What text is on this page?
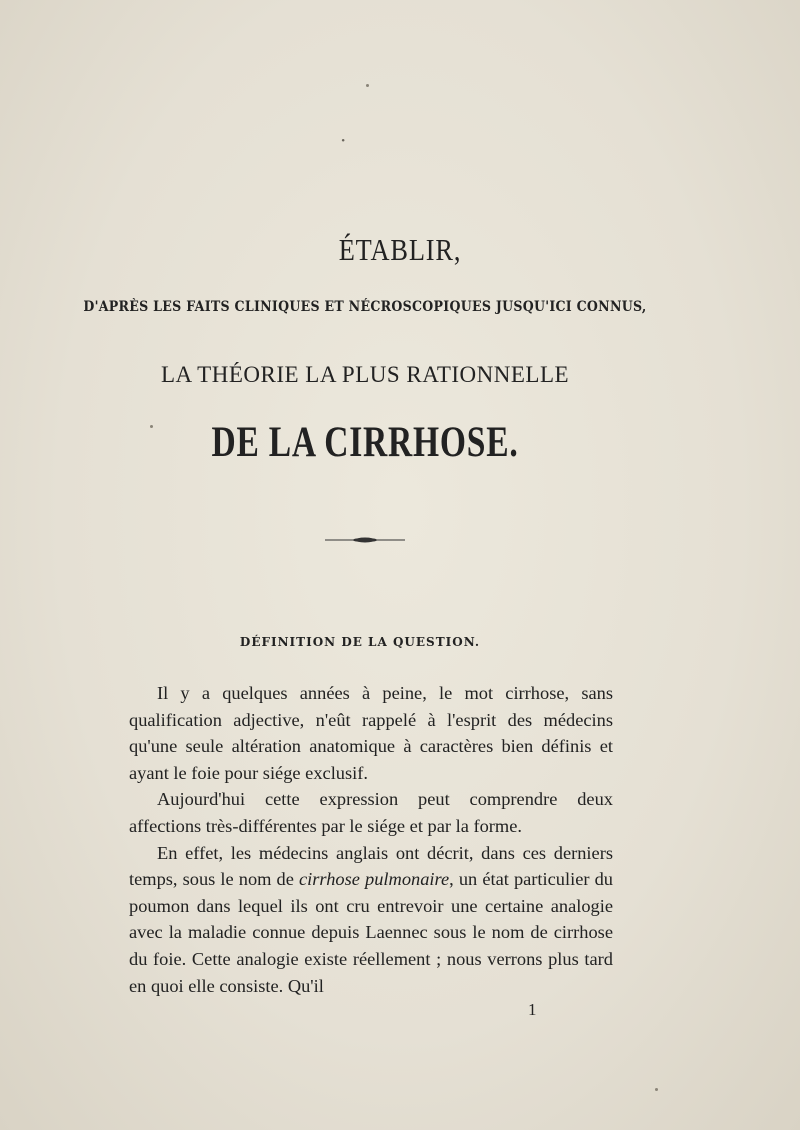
·
ÉTABLIR,
D'APRÈS LES FAITS CLINIQUES ET NÉCROSCOPIQUES JUSQU'ICI CONNUS,
LA THÉORIE LA PLUS RATIONNELLE
DE LA CIRRHOSE.
DÉFINITION DE LA QUESTION.

Il y a quelques années à peine, le mot cirrhose, sans qualification adjective, n'eût rappelé à l'esprit des médecins qu'une seule altération anatomique à caractères bien définis et ayant le foie pour siége exclusif.

Aujourd'hui cette expression peut comprendre deux affections très-différentes par le siége et par la forme.

En effet, les médecins anglais ont décrit, dans ces derniers temps, sous le nom de cirrhose pulmonaire, un état particulier du poumon dans lequel ils ont cru entrevoir une certaine analogie avec la maladie connue depuis Laennec sous le nom de cirrhose du foie. Cette analogie existe réellement ; nous verrons plus tard en quoi elle consiste. Qu'il

1
